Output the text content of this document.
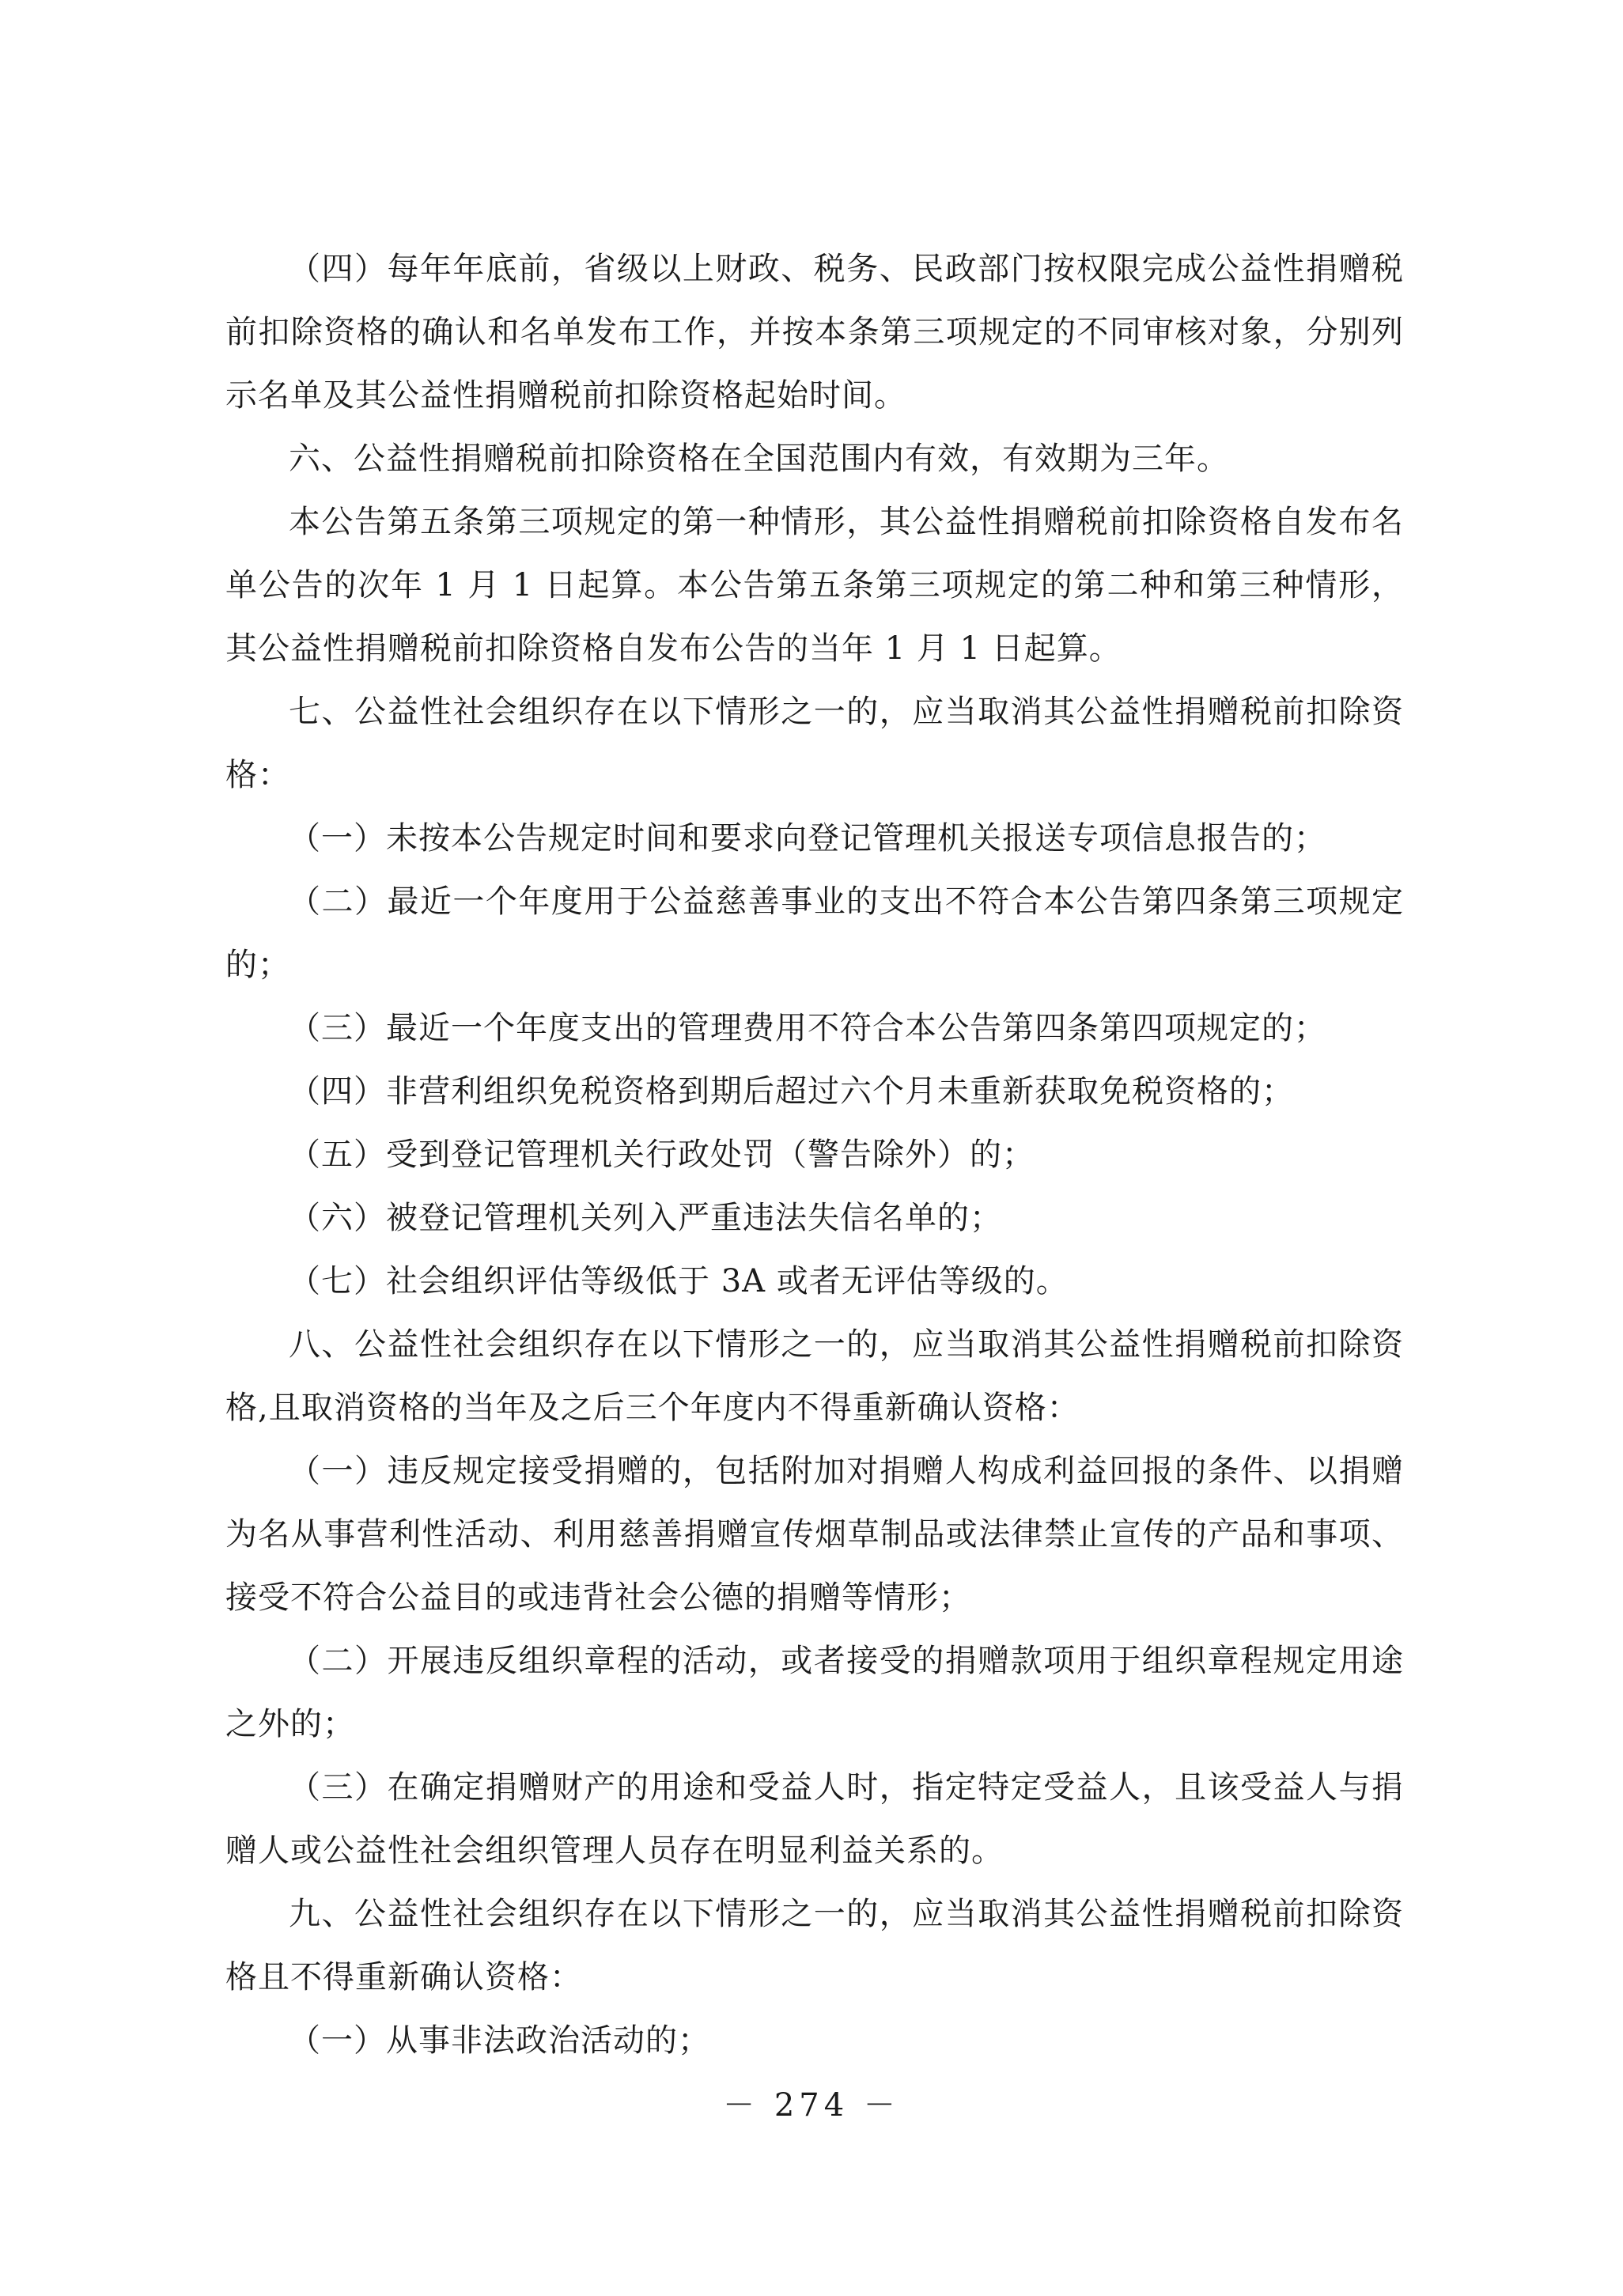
（四）每年年底前，省级以上财政、税务、民政部门按权限完成公益性捐赠税前扣除资格的确认和名单发布工作，并按本条第三项规定的不同审核对象，分别列示名单及其公益性捐赠税前扣除资格起始时间。

六、公益性捐赠税前扣除资格在全国范围内有效，有效期为三年。

本公告第五条第三项规定的第一种情形，其公益性捐赠税前扣除资格自发布名单公告的次年 1 月 1 日起算。本公告第五条第三项规定的第二种和第三种情形，其公益性捐赠税前扣除资格自发布公告的当年 1 月 1 日起算。

七、公益性社会组织存在以下情形之一的，应当取消其公益性捐赠税前扣除资格：

（一）未按本公告规定时间和要求向登记管理机关报送专项信息报告的；

（二）最近一个年度用于公益慈善事业的支出不符合本公告第四条第三项规定的；

（三）最近一个年度支出的管理费用不符合本公告第四条第四项规定的；

（四）非营利组织免税资格到期后超过六个月未重新获取免税资格的；

（五）受到登记管理机关行政处罚（警告除外）的；

（六）被登记管理机关列入严重违法失信名单的；

（七）社会组织评估等级低于 3A 或者无评估等级的。

八、公益性社会组织存在以下情形之一的，应当取消其公益性捐赠税前扣除资格,且取消资格的当年及之后三个年度内不得重新确认资格：

（一）违反规定接受捐赠的，包括附加对捐赠人构成利益回报的条件、以捐赠为名从事营利性活动、利用慈善捐赠宣传烟草制品或法律禁止宣传的产品和事项、接受不符合公益目的或违背社会公德的捐赠等情形；

（二）开展违反组织章程的活动，或者接受的捐赠款项用于组织章程规定用途之外的；

（三）在确定捐赠财产的用途和受益人时，指定特定受益人，且该受益人与捐赠人或公益性社会组织管理人员存在明显利益关系的。

九、公益性社会组织存在以下情形之一的，应当取消其公益性捐赠税前扣除资格且不得重新确认资格：

（一）从事非法政治活动的；

－ 274 －
